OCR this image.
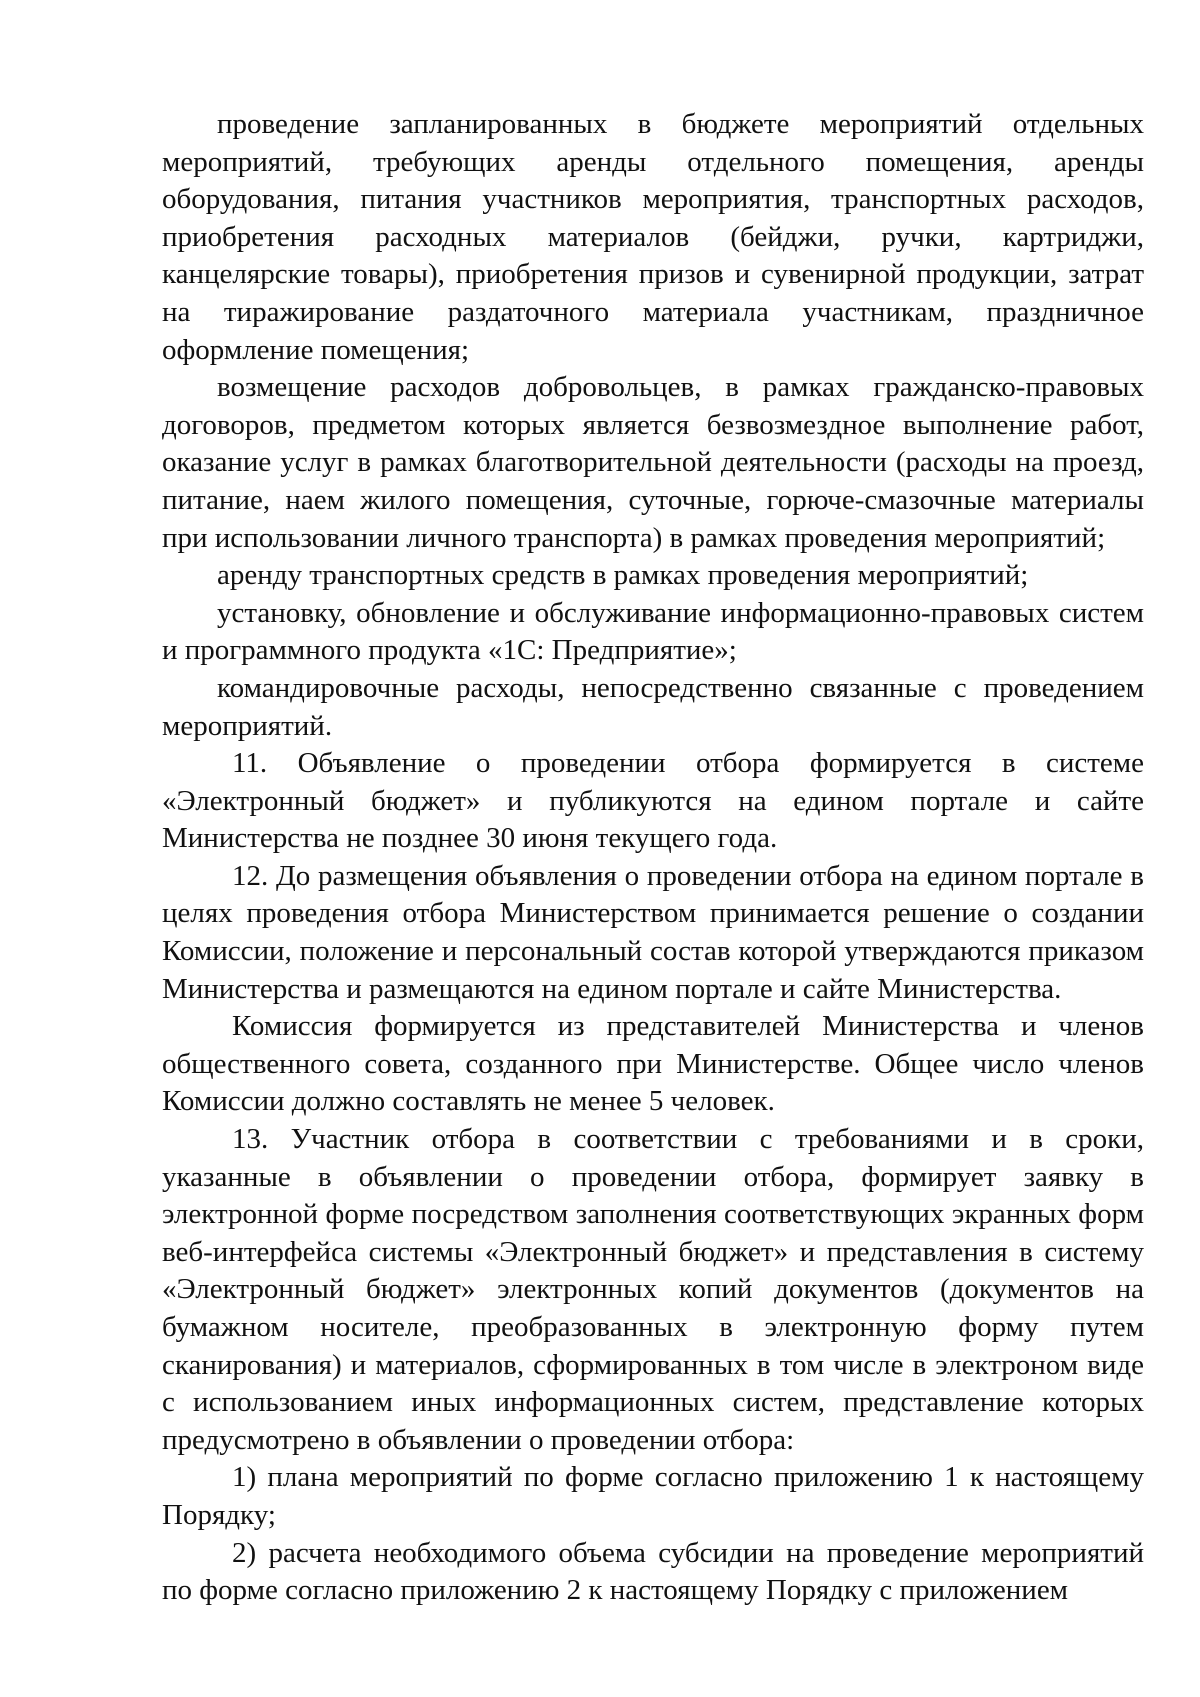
проведение запланированных в бюджете мероприятий отдельных мероприятий, требующих аренды отдельного помещения, аренды оборудования, питания участников мероприятия, транспортных расходов, приобретения расходных материалов (бейджи, ручки, картриджи, канцелярские товары), приобретения призов и сувенирной продукции, затрат на тиражирование раздаточного материала участникам, праздничное оформление помещения;

возмещение расходов добровольцев, в рамках гражданско-правовых договоров, предметом которых является безвозмездное выполнение работ, оказание услуг в рамках благотворительной деятельности (расходы на проезд, питание, наем жилого помещения, суточные, горюче-смазочные материалы при использовании личного транспорта) в рамках проведения мероприятий;

аренду транспортных средств в рамках проведения мероприятий;

установку, обновление и обслуживание информационно-правовых систем и программного продукта «1С: Предприятие»;

командировочные расходы, непосредственно связанные с проведением мероприятий.

11. Объявление о проведении отбора формируется в системе «Электронный бюджет» и публикуются на едином портале и сайте Министерства не позднее 30 июня текущего года.

12. До размещения объявления о проведении отбора на едином портале в целях проведения отбора Министерством принимается решение о создании Комиссии, положение и персональный состав которой утверждаются приказом Министерства и размещаются на едином портале и сайте Министерства.

Комиссия формируется из представителей Министерства и членов общественного совета, созданного при Министерстве. Общее число членов Комиссии должно составлять не менее 5 человек.

13. Участник отбора в соответствии с требованиями и в сроки, указанные в объявлении о проведении отбора, формирует заявку в электронной форме посредством заполнения соответствующих экранных форм веб-интерфейса системы «Электронный бюджет» и представления в систему «Электронный бюджет» электронных копий документов (документов на бумажном носителе, преобразованных в электронную форму путем сканирования) и материалов, сформированных в том числе в электроном виде с использованием иных информационных систем, представление которых предусмотрено в объявлении о проведении отбора:

1) плана мероприятий по форме согласно приложению 1 к настоящему Порядку;

2) расчета необходимого объема субсидии на проведение мероприятий по форме согласно приложению 2 к настоящему Порядку с приложением
